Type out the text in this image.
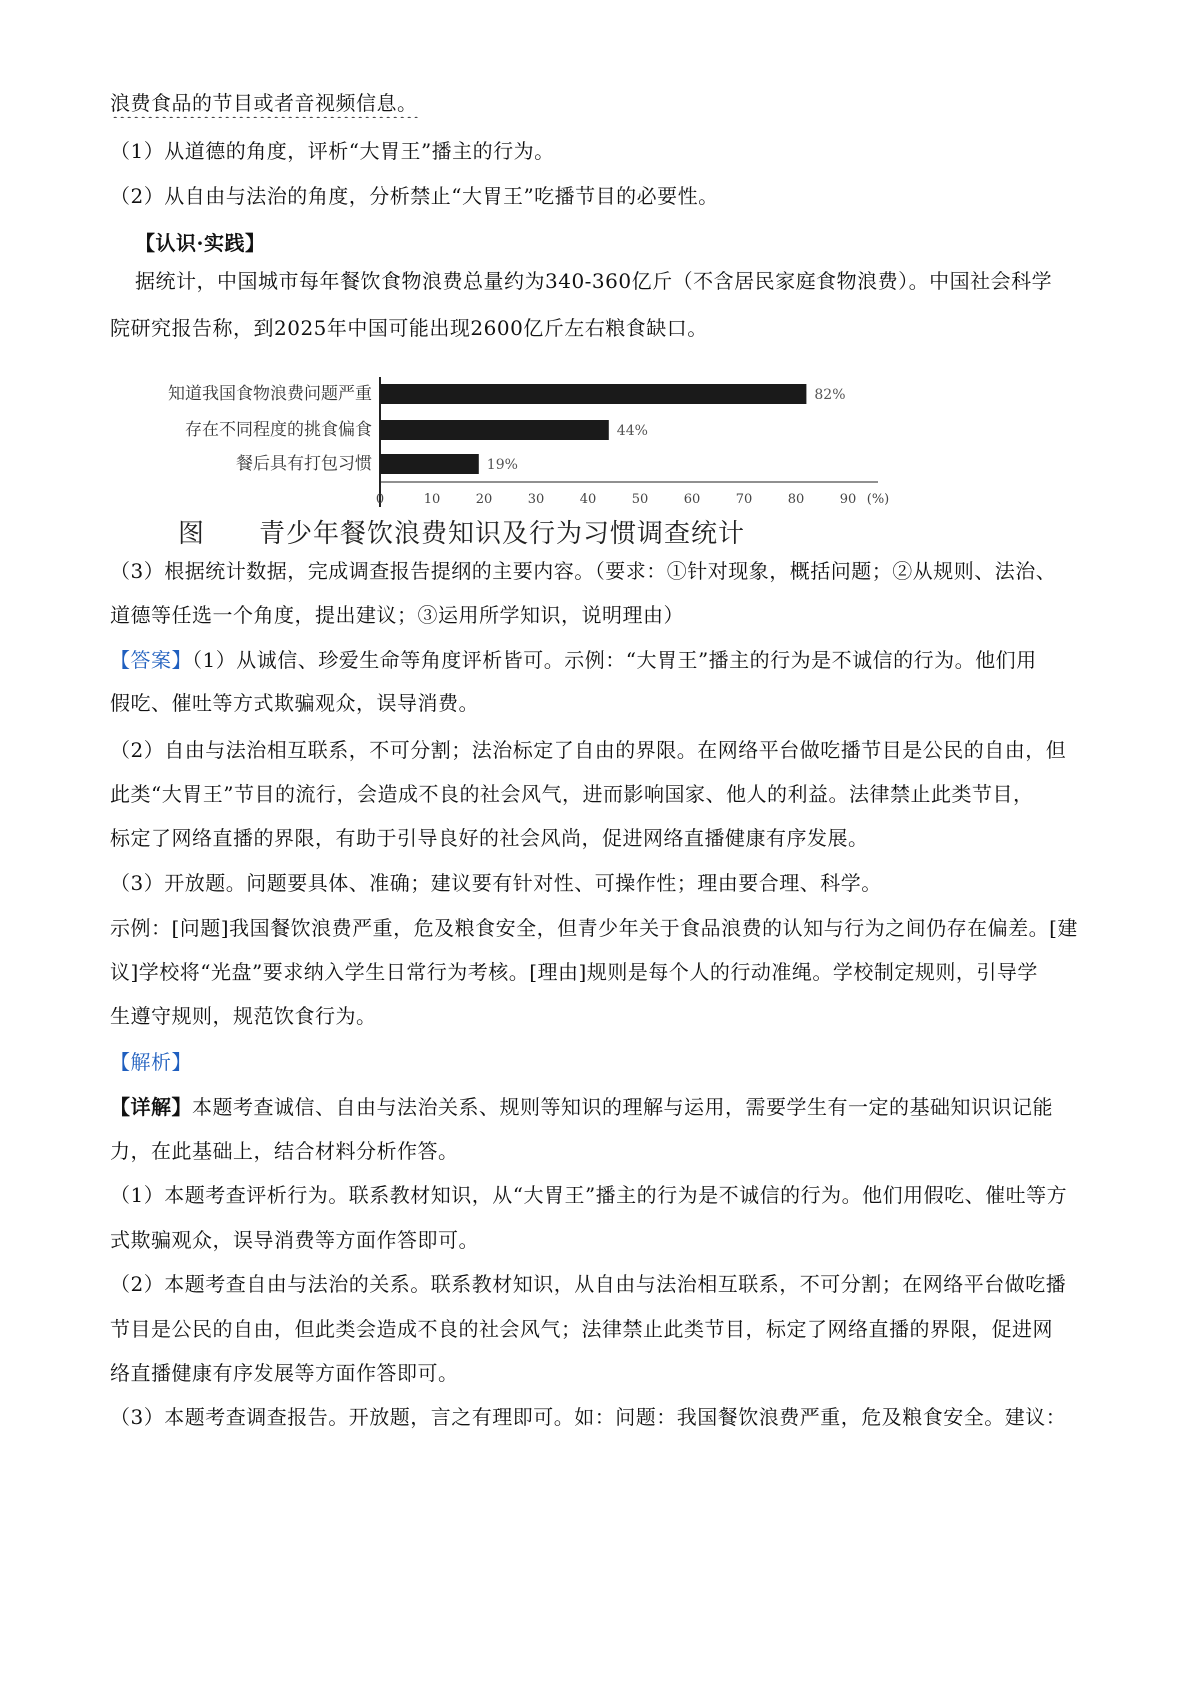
浪费食品的节目或者音视频信息。
（1）从道德的角度，评析“大胃王”播主的行为。
（2）从自由与法治的角度，分析禁止“大胃王”吃播节目的必要性。
【认识·实践】
据统计，中国城市每年餐饮食物浪费总量约为340-360亿斤（不含居民家庭食物浪费）。中国社会科学
院研究报告称，到2025年中国可能出现2600亿斤左右粮食缺口。
知道我国食物浪费问题严重	82%
存在不同程度的挑食偏食	44%
餐后具有打包习惯	19%
0	10	20	30	40	50	60	70	80	90 (%)
图　　青少年餐饮浪费知识及行为习惯调查统计
（3）根据统计数据，完成调查报告提纲的主要内容。（要求：①针对现象，概括问题；②从规则、法治、
道德等任选一个角度，提出建议；③运用所学知识，说明理由）
【答案】（1）从诚信、珍爱生命等角度评析皆可。示例：“大胃王”播主的行为是不诚信的行为。他们用
假吃、催吐等方式欺骗观众，误导消费。
（2）自由与法治相互联系，不可分割；法治标定了自由的界限。在网络平台做吃播节目是公民的自由，但
此类“大胃王”节目的流行，会造成不良的社会风气，进而影响国家、他人的利益。法律禁止此类节目，
标定了网络直播的界限，有助于引导良好的社会风尚，促进网络直播健康有序发展。
（3）开放题。问题要具体、准确；建议要有针对性、可操作性；理由要合理、科学。
示例：[问题]我国餐饮浪费严重，危及粮食安全，但青少年关于食品浪费的认知与行为之间仍存在偏差。[建
议]学校将“光盘”要求纳入学生日常行为考核。[理由]规则是每个人的行动准绳。学校制定规则，引导学
生遵守规则，规范饮食行为。
【解析】
【详解】本题考查诚信、自由与法治关系、规则等知识的理解与运用，需要学生有一定的基础知识识记能
力，在此基础上，结合材料分析作答。
（1）本题考查评析行为。联系教材知识，从“大胃王”播主的行为是不诚信的行为。他们用假吃、催吐等方
式欺骗观众，误导消费等方面作答即可。
（2）本题考查自由与法治的关系。联系教材知识，从自由与法治相互联系，不可分割；在网络平台做吃播
节目是公民的自由，但此类会造成不良的社会风气；法律禁止此类节目，标定了网络直播的界限，促进网
络直播健康有序发展等方面作答即可。
（3）本题考查调查报告。开放题，言之有理即可。如：问题：我国餐饮浪费严重，危及粮食安全。建议：
